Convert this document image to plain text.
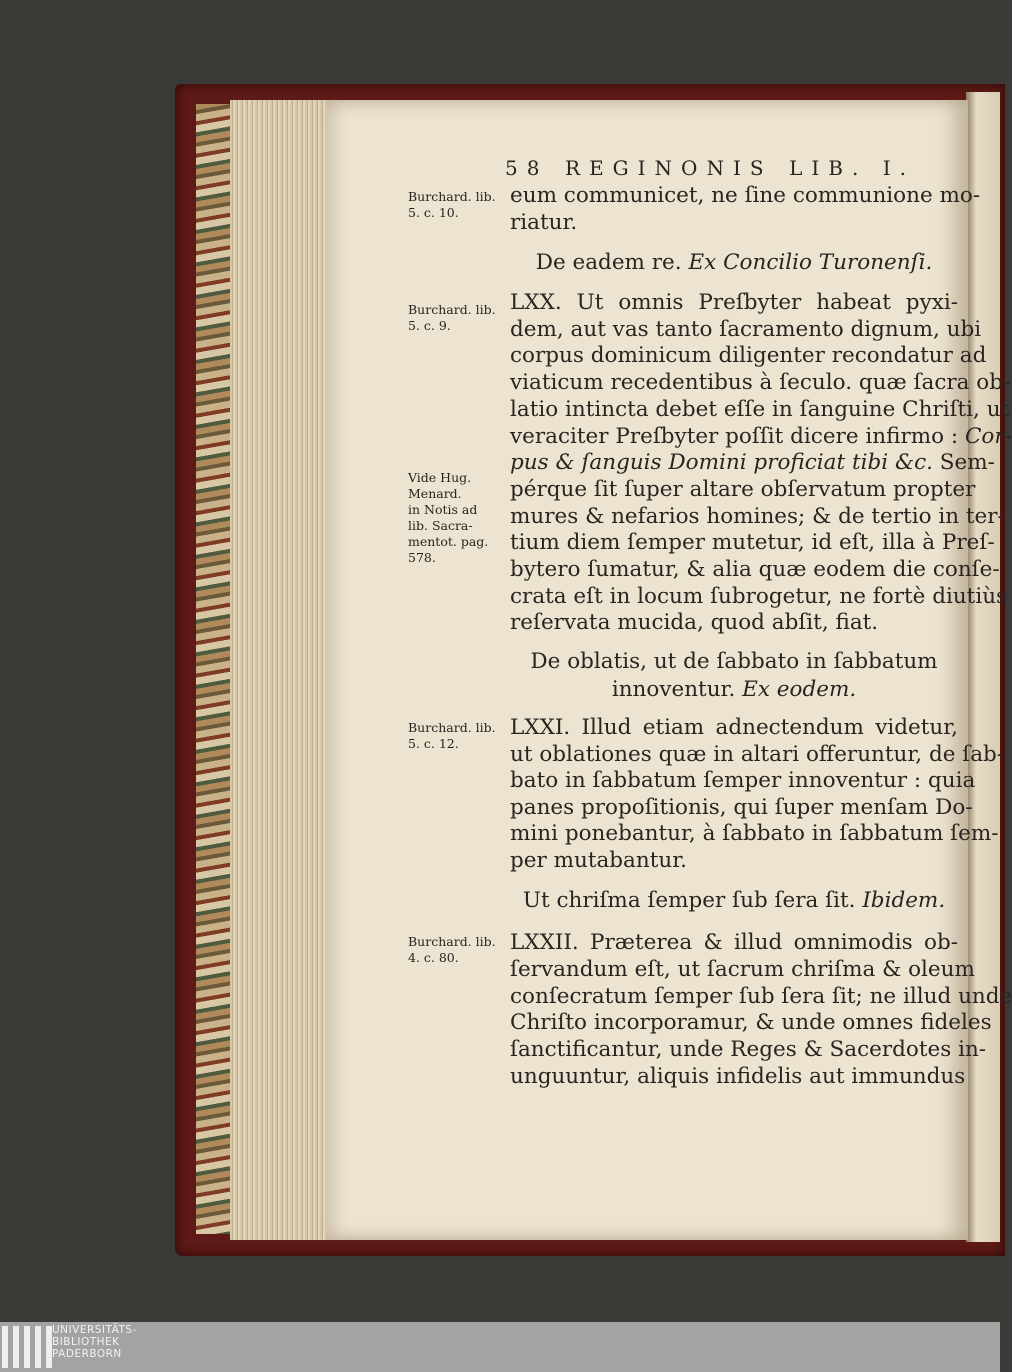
58 REGINONIS LIB. I.
Burchard. lib.
5. c. 10.
Burchard. lib.
5. c. 9.
Vide Hug.
Menard.
in Notis ad
lib. Sacra-
mentot. pag.
578.
Burchard. lib.
5. c. 12.
Burchard. lib.
4. c. 80.
eum communicet, ne ſine communione mo-
riatur.
De eadem re. Ex Concilio Turonenſi.
LXX. Ut omnis Preſbyter habeat pyxi-
dem, aut vas tanto ſacramento dignum, ubi
corpus dominicum diligenter recondatur ad
viaticum recedentibus à ſeculo. quæ ſacra ob-
latio intincta debet eſſe in ſanguine Chriſti, ut
veraciter Preſbyter poſſit dicere infirmo : Cor-
pus & ſanguis Domini proficiat tibi &c. Sem-
pérque ſit ſuper altare obſervatum propter
mures & nefarios homines; & de tertio in ter-
tium diem ſemper mutetur, id eſt, illa à Preſ-
bytero ſumatur, & alia quæ eodem die conſe-
crata eſt in locum ſubrogetur, ne fortè diutiùs
reſervata mucida, quod abſit, fiat.
De oblatis, ut de ſabbato in ſabbatum
innoventur. Ex eodem.
LXXI. Illud etiam adnectendum videtur,
ut oblationes quæ in altari offeruntur, de ſab-
bato in ſabbatum ſemper innoventur : quia
panes propoſitionis, qui ſuper menſam Do-
mini ponebantur, à ſabbato in ſabbatum ſem-
per mutabantur.
Ut chriſma ſemper ſub ſera ſit. Ibidem.
LXXII. Præterea & illud omnimodis ob-
ſervandum eſt, ut ſacrum chriſma & oleum
conſecratum ſemper ſub ſera ſit; ne illud unde
Chriſto incorporamur, & unde omnes fideles
ſanctificantur, unde Reges & Sacerdotes in-
unguuntur, aliquis infidelis aut immundus
UNIVERSITÄTS-
BIBLIOTHEK
PADERBORN
